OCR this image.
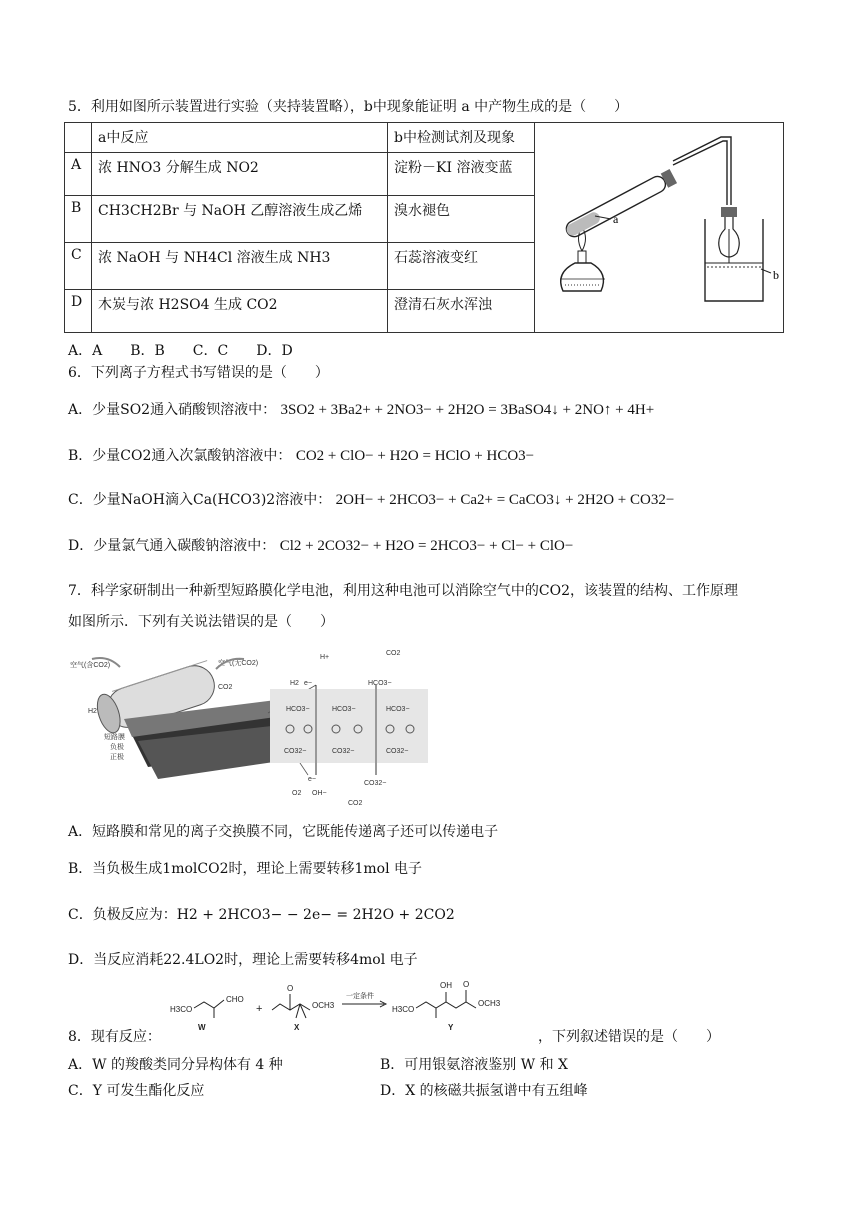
5．利用如图所示装置进行实验（夹持装置略），b中现象能证明 a 中产物生成的是（　　）
	a中反应	b中检测试剂及现象	a
b

A	浓 HNO3 分解生成 NO2	淀粉－KI 溶液变蓝	
B	CH3CH2Br 与 NaOH 乙醇溶液生成乙烯	溴水褪色	
C	浓 NaOH 与 NH4Cl 溶液生成 NH3	石蕊溶液变红	
D	木炭与浓 H2SO4 生成 CO2	澄清石灰水浑浊	
A．A　　B．B　　C．C　　D．D
6．下列离子方程式书写错误的是（　　）
A．少量SO2通入硝酸钡溶液中： 3SO2 + 3Ba2+ + 2NO3− + 2H2O = 3BaSO4↓ + 2NO↑ + 4H+
B．少量CO2通入次氯酸钠溶液中： CO2 + ClO− + H2O = HClO + HCO3−
C．少量NaOH滴入Ca(HCO3)2溶液中： 2OH− + 2HCO3− + Ca2+ = CaCO3↓ + 2H2O + CO32−
D．少量氯气通入碳酸钠溶液中： Cl2 + 2CO32− + H2O = 2HCO3− + Cl− + ClO−
7．科学家研制出一种新型短路膜化学电池，利用这种电池可以消除空气中的CO2，该装置的结构、工作原理
如图所示．下列有关说法错误的是（　　）
空气(含CO2)	空气(无CO2)
CO2
H2
短路膜
负极
正极
HCO3−	HCO3−	HCO3−
CO32−	CO32−	CO32−
H+
CO2
HCO3−
H2 e−
e−
OH−
O2
CO32−
CO2
A．短路膜和常见的离子交换膜不同，它既能传递离子还可以传递电子
B．当负极生成1molCO2时，理论上需要转移1mol 电子
C．负极反应为：H2 + 2HCO3− − 2e− = 2H2O + 2CO2
D．当反应消耗22.4LO2时，理论上需要转移4mol 电子
H3CO
CHO
W
+
O
OCH3
X
一定条件
H3CO
OH O
OCH3
Y
8．现有反应：	，下列叙述错误的是（　　）
A．W 的羧酸类同分异构体有 4 种	B．可用银氨溶液鉴别 W 和 X
C．Y 可发生酯化反应	D．X 的核磁共振氢谱中有五组峰
